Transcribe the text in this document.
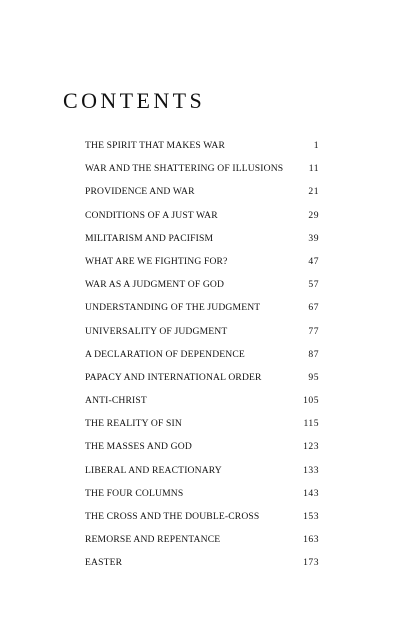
CONTENTS
THE SPIRIT THAT MAKES WAR	1
WAR AND THE SHATTERING OF ILLUSIONS	11
PROVIDENCE AND WAR	21
CONDITIONS OF A JUST WAR	29
MILITARISM AND PACIFISM	39
WHAT ARE WE FIGHTING FOR?	47
WAR AS A JUDGMENT OF GOD	57
UNDERSTANDING OF THE JUDGMENT	67
UNIVERSALITY OF JUDGMENT	77
A DECLARATION OF DEPENDENCE	87
PAPACY AND INTERNATIONAL ORDER	95
ANTI-CHRIST	105
THE REALITY OF SIN	115
THE MASSES AND GOD	123
LIBERAL AND REACTIONARY	133
THE FOUR COLUMNS	143
THE CROSS AND THE DOUBLE-CROSS	153
REMORSE AND REPENTANCE	163
EASTER	173
